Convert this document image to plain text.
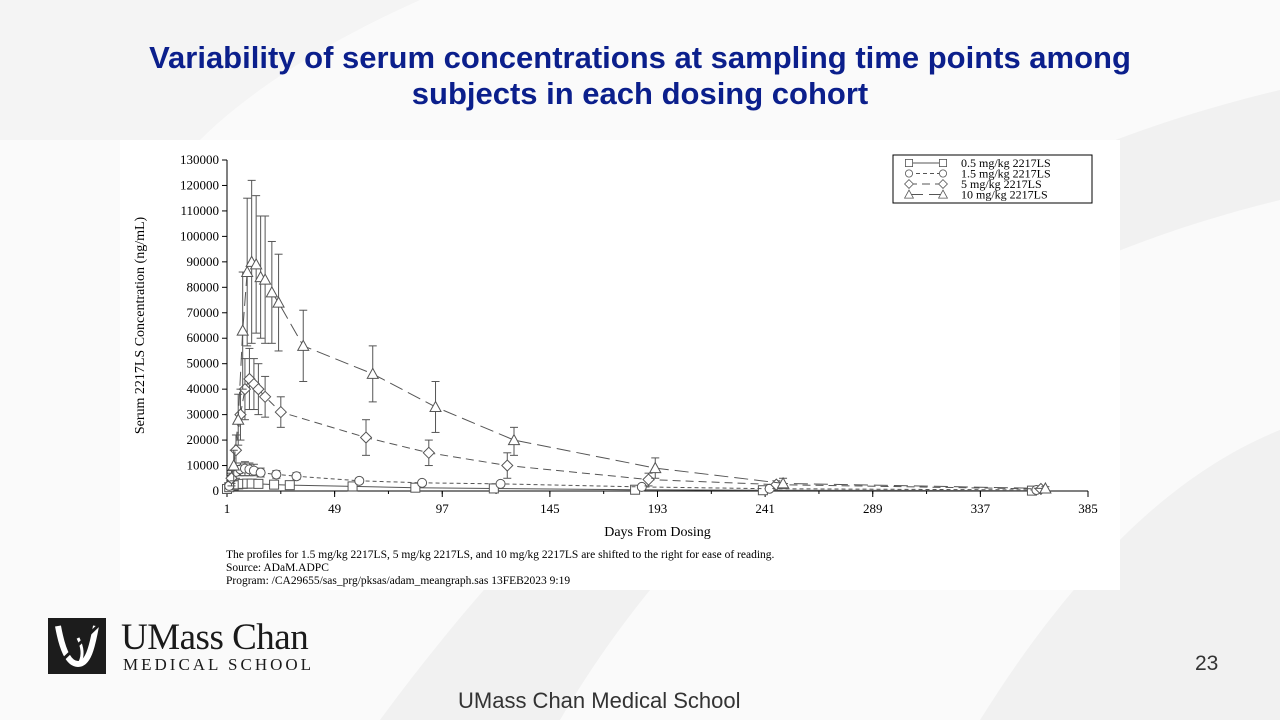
Variability of serum concentrations at sampling time points among
subjects in each dosing cohort
0
10000
20000
30000
40000
50000
60000
70000
80000
90000
100000
110000
120000
130000
1	49	97	145	193	241	289	337	385
Days From Dosing
Serum 2217LS Concentration (ng/mL)
0.5 mg/kg 2217LS
1.5 mg/kg 2217LS
5 mg/kg 2217LS
10 mg/kg 2217LS
The profiles for 1.5 mg/kg 2217LS, 5 mg/kg 2217LS, and 10 mg/kg 2217LS are shifted to the right for ease of reading.
Source: ADaM.ADPC
Program: /CA29655/sas_prg/pksas/adam_meangraph.sas 13FEB2023 9:19
UMass Chan
MEDICAL SCHOOL	23
UMass Chan Medical School
